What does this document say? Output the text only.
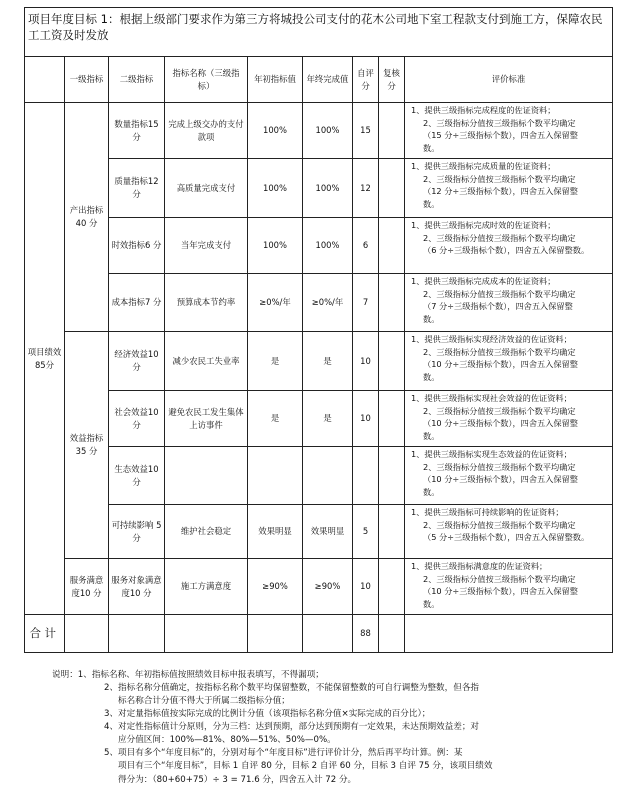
项目年度目标 1：根据上级部门要求作为第三方将城投公司支付的花木公司地下室工程款支付到施工方，保障农民工工资及时发放								
	一级指标	二级指标	指标名称（三级指标）	年初指标值	年终完成值	自评分	复核分	评价标准
项目绩效85分	产出指标 40 分	数量指标15 分	完成上级交办的支付款项	100%	100%	15		1、提供三级指标完成程度的佐证资料；
2、三级指标分值按三级指标个数平均确定
（15 分÷三级指标个数），四舍五入保留整
数。

		质量指标12 分	高质量完成支付	100%	100%	12		1、提供三级指标完成质量的佐证资料；
2、三级指标分值按三级指标个数平均确定
（12 分÷三级指标个数），四舍五入保留整
数。

		时效指标6 分	当年完成支付	100%	100%	6		1、提供三级指标完成时效的佐证资料；
2、三级指标分值按三级指标个数平均确定
（6 分÷三级指标个数），四舍五入保留整数。

		成本指标7 分	预算成本节约率	≥0%/年	≥0%/年	7		1、提供三级指标完成成本的佐证资料；
2、三级指标分值按三级指标个数平均确定
（7 分÷三级指标个数），四舍五入保留整
数。

	效益指标 35 分	经济效益10 分	减少农民工失业率	是	是	10		1、提供三级指标实现经济效益的佐证资料；
2、三级指标分值按三级指标个数平均确定
（10 分÷三级指标个数），四舍五入保留整
数。

		社会效益10 分	避免农民工发生集体上访事件	是	是	10		1、提供三级指标实现社会效益的佐证资料；
2、三级指标分值按三级指标个数平均确定
（10 分÷三级指标个数），四舍五入保留整
数。

		生态效益10 分						1、提供三级指标实现生态效益的佐证资料；
2、三级指标分值按三级指标个数平均确定
（10 分÷三级指标个数），四舍五入保留整
数。

		可持续影响 5 分	维护社会稳定	效果明显	效果明显	5		1、提供三级指标可持续影响的佐证资料；
2、三级指标分值按三级指标个数平均确定
（5 分÷三级指标个数），四舍五入保留整数。

	服务满意度10 分	服务对象满意度10 分	施工方满意度	≥90%	≥90%	10		1、提供三级指标满意度的佐证资料；
2、三级指标分值按三级指标个数平均确定
（10 分÷三级指标个数），四舍五入保留整
数。

合计						88		
说明：1、指标名称、年初指标值按照绩效目标申报表填写，不得漏项；
2、指标名称分值确定，按指标名称个数平均保留整数，不能保留整数的可自行调整为整数，但各指
标名称合计分值不得大于所属二级指标分值；
3、对定量指标值按实际完成的比例计分值（该项指标名称分值×实际完成的百分比）；
4、对定性指标值计分原则，分为三档：达到预期，部分达到预期有一定效果，未达预期效益差；对
应分值区间：100%—81%、80%—51%、50%—0%。
5、项目有多个“年度目标”的，分别对每个“年度目标”进行评价计分，然后再平均计算。例：某
项目有三个“年度目标”，目标 1 自评 80 分，目标 2 自评 60 分，目标 3 自评 75 分，该项目绩效
得分为：（80+60+75）÷ 3 = 71.6 分，四舍五入计 72 分。
